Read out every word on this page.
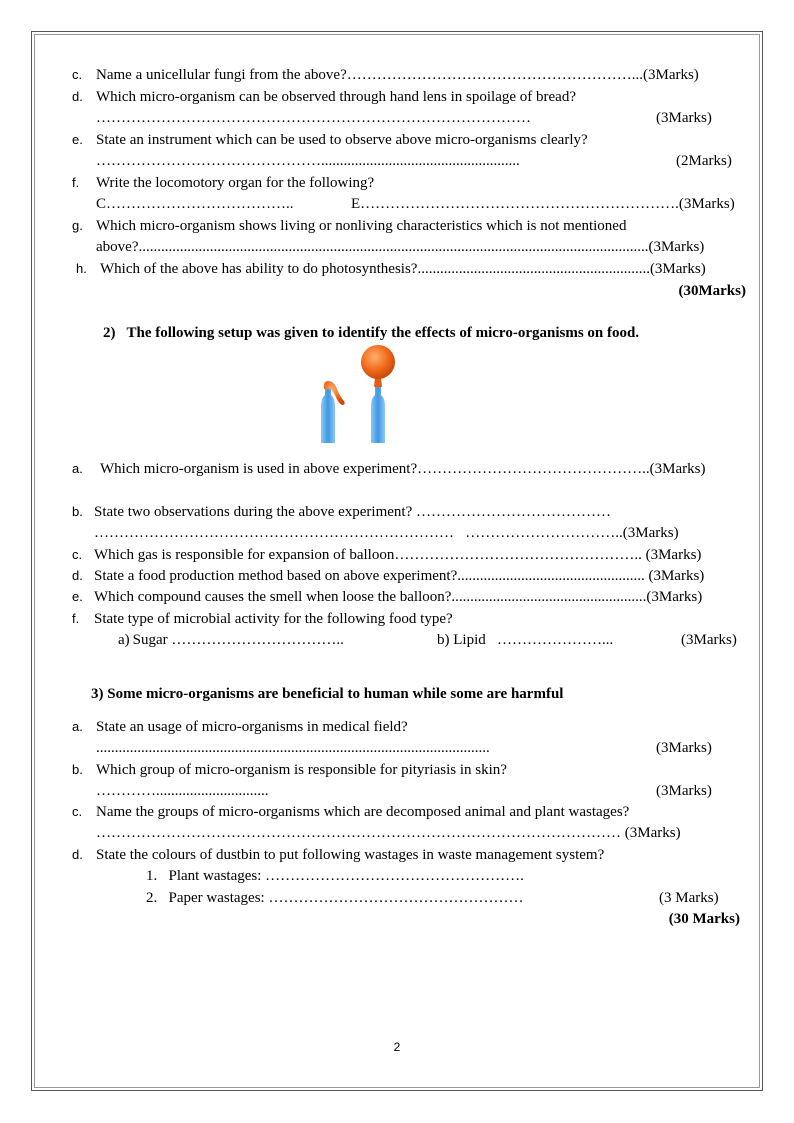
c. Name a unicellular fungi from the above?…………………………………………………...(3Marks)
d. Which micro-organism can be observed through hand lens in spoilage of bread?
……………………………………………………………………………	(3Marks)
e. State an instrument which can be used to observe above micro-organisms clearly?
……………………………………….....................................................	(2Marks)
f. Write the locomotory organ for the following?
C………………………………..	E……………………………………………………….(3Marks)
g. Which micro-organism shows living or nonliving characteristics which is not mentioned
above?........................................................................................................................................(3Marks)
h. Which of the above has ability to do photosynthesis?..............................................................(3Marks)
(30Marks)
2)   The following setup was given to identify the effects of micro-organisms on food.
a. Which micro-organism is used in above experiment?………………………………………..(3Marks)
b. State two observations during the above experiment? …………………………………
………………………………………………………………   …………………………..(3Marks)
c. Which gas is responsible for expansion of balloon………………………………………….. (3Marks)
d. State a food production method based on above experiment?.................................................. (3Marks)
e. Which compound causes the smell when loose the balloon?....................................................(3Marks)
f. State type of microbial activity for the following food type?
a) Sugar ……………………………..	b) Lipid   …………………...	(3Marks)
3) Some micro-organisms are beneficial to human while some are harmful
a. State an usage of micro-organisms in medical field?
.........................................................................................................	(3Marks)
b. Which group of micro-organism is responsible for pityriasis in skin?
…………..............................	(3Marks)
c. Name the groups of micro-organisms which are decomposed animal and plant wastages?
…………………………………………………………………………………………… (3Marks)
d. State the colours of dustbin to put following wastages in waste management system?
1.   Plant wastages: …………………………………………….
2.   Paper wastages: ……………………………………………	(3 Marks)
(30 Marks)
2
